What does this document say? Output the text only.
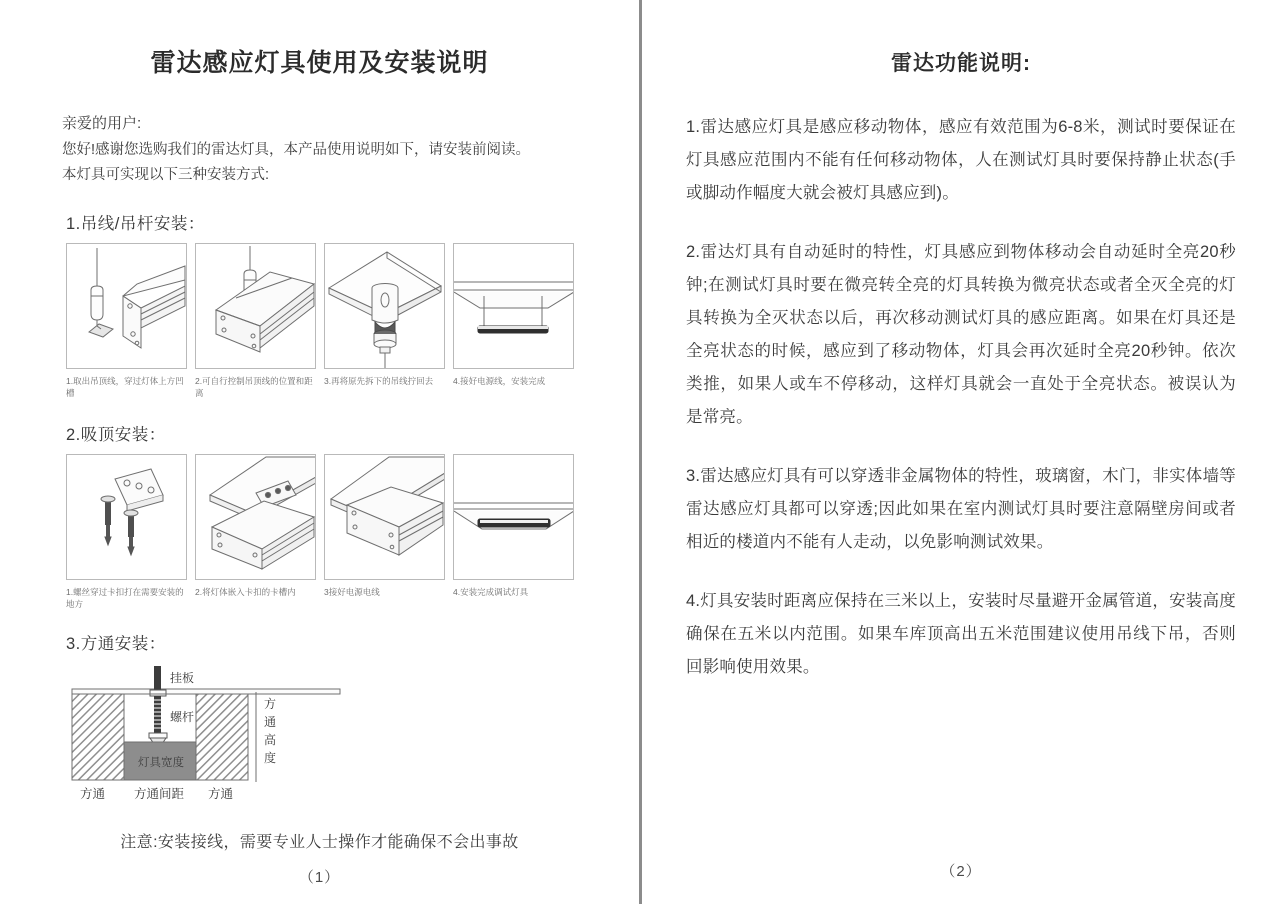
雷达感应灯具使用及安装说明
亲爱的用户:
您好!感谢您选购我们的雷达灯具，本产品使用说明如下，请安装前阅读。
本灯具可实现以下三种安装方式:
1.吊线/吊杆安装：
1.取出吊顶线，穿过灯体上方凹槽
2.可自行控制吊顶线的位置和距离
3.再将原先拆下的吊线拧回去	4.接好电源线，安装完成
2.吸顶安装：
1.螺丝穿过卡扣打在需要安装的地方
2.将灯体嵌入卡扣的卡槽内	3接好电源电线	4.安装完成调试灯具
3.方通安装：
挂板
螺杆
灯具宽度
方
通
高
度
方通 方通间距 方通
注意:安装接线，需要专业人士操作才能确保不会出事故
（1）
雷达功能说明:

1.雷达感应灯具是感应移动物体，感应有效范围为6-8米，测试时要保证在灯具感应范围内不能有任何移动物体，人在测试灯具时要保持静止状态(手或脚动作幅度大就会被灯具感应到)。

2.雷达灯具有自动延时的特性，灯具感应到物体移动会自动延时全亮20秒钟;在测试灯具时要在微亮转全亮的灯具转换为微亮状态或者全灭全亮的灯具转换为全灭状态以后，再次移动测试灯具的感应距离。如果在灯具还是全亮状态的时候，感应到了移动物体，灯具会再次延时全亮20秒钟。依次类推，如果人或车不停移动，这样灯具就会一直处于全亮状态。被误认为是常亮。

3.雷达感应灯具有可以穿透非金属物体的特性，玻璃窗，木门，非实体墙等雷达感应灯具都可以穿透;因此如果在室内测试灯具时要注意隔壁房间或者相近的楼道内不能有人走动，以免影响测试效果。

4.灯具安装时距离应保持在三米以上，安装时尽量避开金属管道，安装高度确保在五米以内范围。如果车库顶高出五米范围建议使用吊线下吊，否则回影响使用效果。

（2）
